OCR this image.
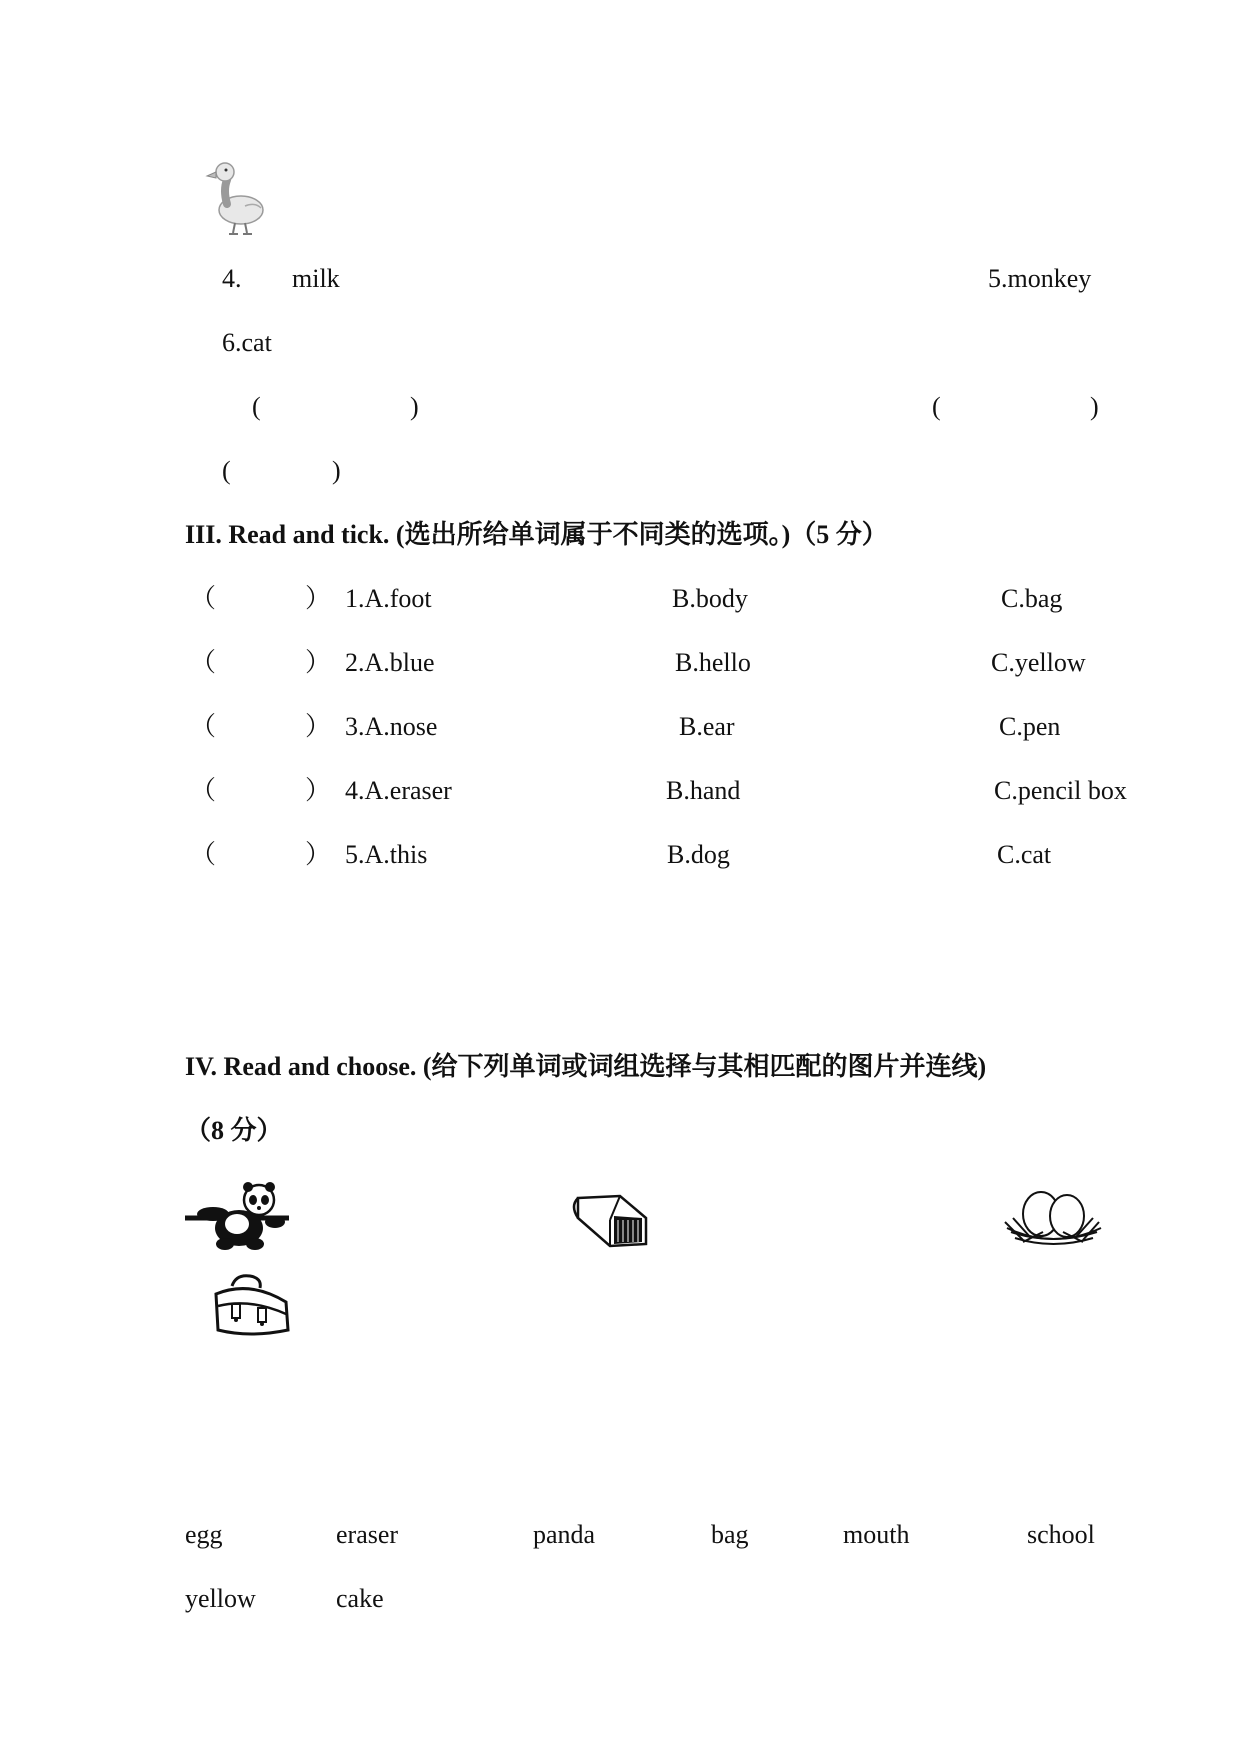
4. milk	5.monkey
6.cat
(	)	(	)
(	)
III. Read and tick. (选出所给单词属于不同类的选项。)（5 分）
（	） 1.A.foot	B.body	C.bag
（	） 2.A.blue	B.hello	C.yellow
（	） 3.A.nose	B.ear	C.pen
（	） 4.A.eraser	B.hand	C.pencil box
（	） 5.A.this	B.dog	C.cat
IV. Read and choose. (给下列单词或词组选择与其相匹配的图片并连线)
（8 分）
egg	eraser	panda	bag	mouth	school
yellow	cake
